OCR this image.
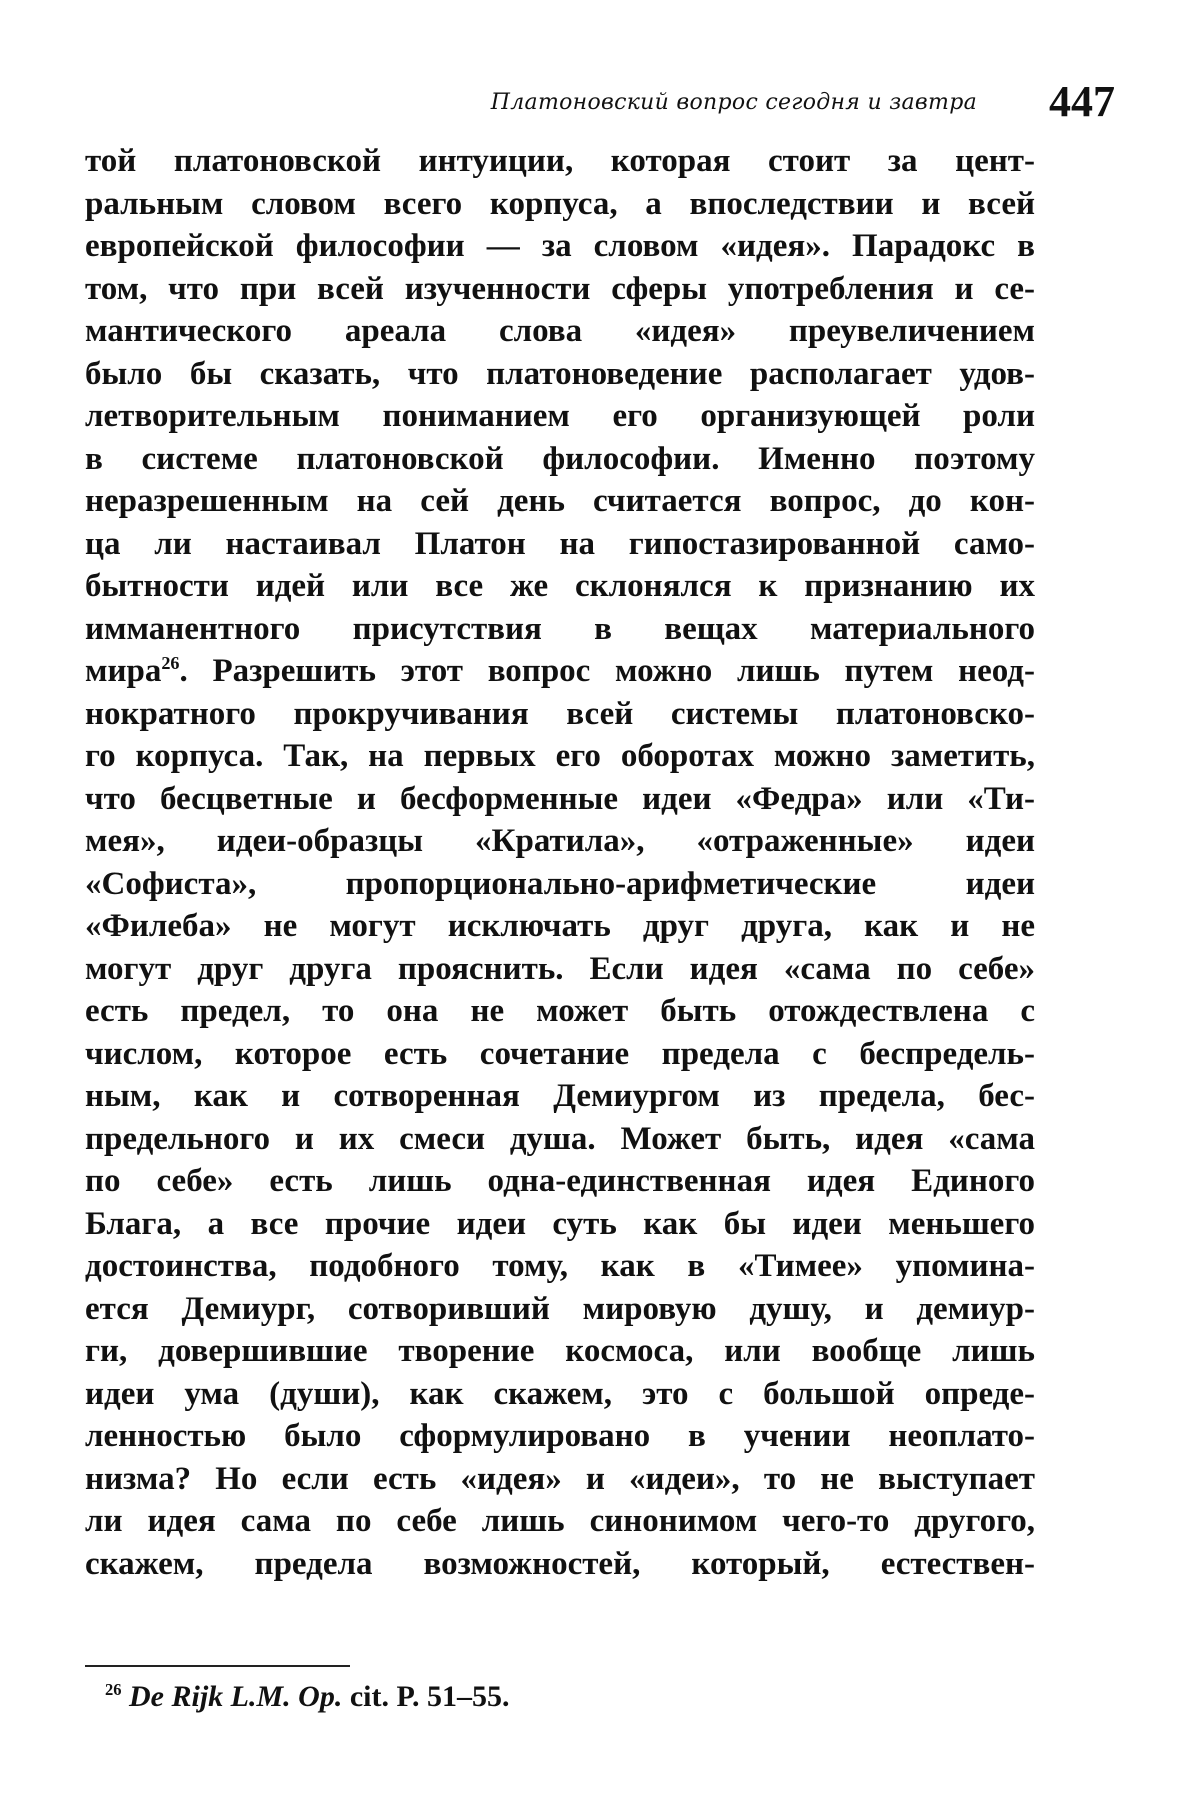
Платоновский вопрос сегодня и завтра 447
той платоновской интуиции, которая стоит за цент-
ральным словом всего корпуса, а впоследствии и всей
европейской философии — за словом «идея». Парадокс в
том, что при всей изученности сферы употребления и се-
мантического ареала слова «идея» преувеличением
было бы сказать, что платоноведение располагает удов-
летворительным пониманием его организующей роли
в системе платоновской философии. Именно поэтому
неразрешенным на сей день считается вопрос, до кон-
ца ли настаивал Платон на гипостазированной само-
бытности идей или все же склонялся к признанию их
имманентного присутствия в вещах материального
мира$^{26}$. Разрешить этот вопрос можно лишь путем неод-
нократного прокручивания всей системы платоновско-
го корпуса. Так, на первых его оборотах можно заметить,
что бесцветные и бесформенные идеи «Федра» или «Ти-
мея», идеи-образцы «Кратила», «отраженные» идеи
«Софиста», пропорционально-арифметические идеи
«Филеба» не могут исключать друг друга, как и не
могут друг друга прояснить. Если идея «сама по себе»
есть предел, то она не может быть отождествлена с
числом, которое есть сочетание предела с беспредель-
ным, как и сотворенная Демиургом из предела, бес-
предельного и их смеси душа. Может быть, идея «сама
по себе» есть лишь одна-единственная идея Единого
Блага, а все прочие идеи суть как бы идеи меньшего
достоинства, подобного тому, как в «Тимее» упомина-
ется Демиург, сотворивший мировую душу, и демиур-
ги, довершившие творение космоса, или вообще лишь
идеи ума (души), как скажем, это с большой опреде-
ленностью было сформулировано в учении неоплато-
низма? Но если есть «идея» и «идеи», то не выступает
ли идея сама по себе лишь синонимом чего-то другого,
скажем, предела возможностей, который, естествен-
$^{26}$ De Rijk L.M. Op. cit. P. 51–55.
